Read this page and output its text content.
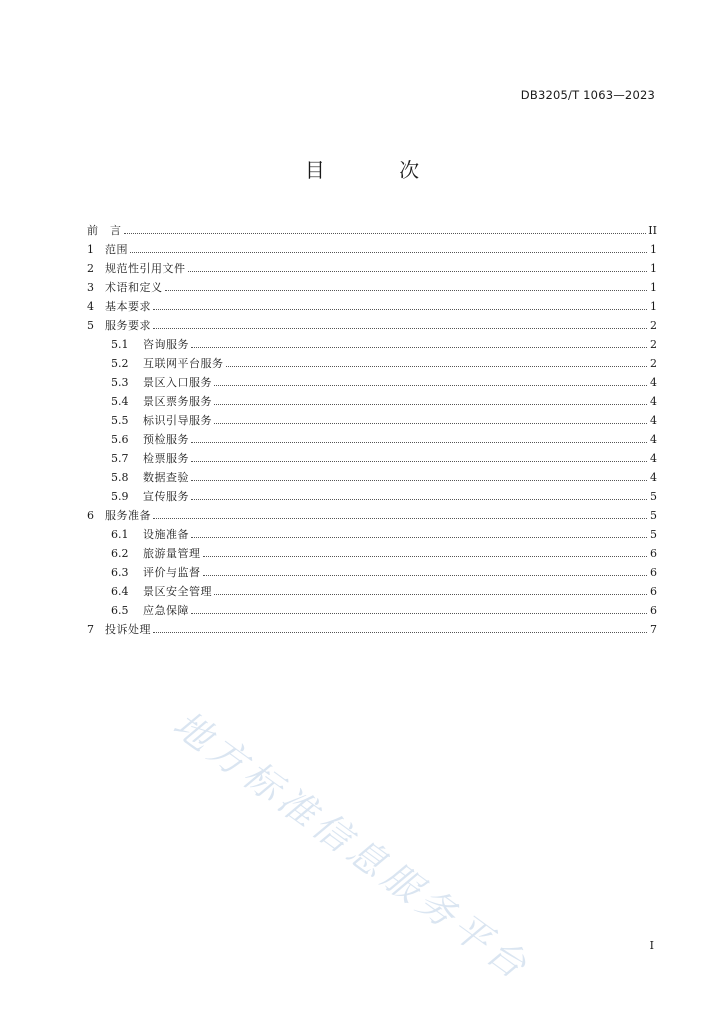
DB3205/T 1063—2023
目 次
前　言	II
1	范围	1
2	规范性引用文件	1
3	术语和定义	1
4	基本要求	1
5	服务要求	2
5.1	咨询服务	2
5.2	互联网平台服务	2
5.3	景区入口服务	4
5.4	景区票务服务	4
5.5	标识引导服务	4
5.6	预检服务	4
5.7	检票服务	4
5.8	数据查验	4
5.9	宣传服务	5
6	服务准备	5
6.1	设施准备	5
6.2	旅游量管理	6
6.3	评价与监督	6
6.4	景区安全管理	6
6.5	应急保障	6
7	投诉处理	7
地方标准信息服务平台	I
